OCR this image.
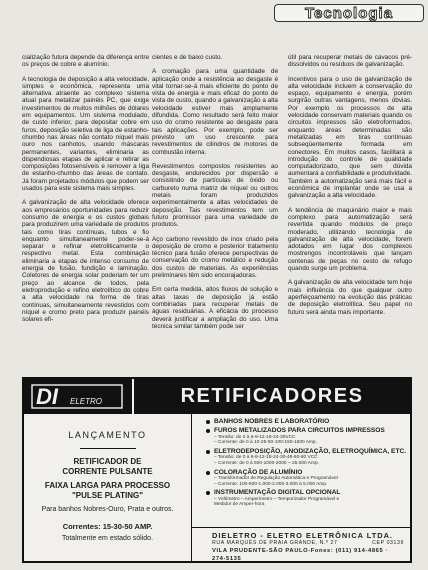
Tecnologia

cialização futura depende da diferença entre os preços de cobre e alumínio.

A tecnologia de deposição a alta velocidade, simples e econômica, representa uma alternativa atraente ao complexo sistema atual para metalizar painéis PC, que exige investimentos de muitos milhões de dólares em equipamentos. Um sistema modulado, de custo inferior, para depositar cobre em furos, deposição seletiva de liga de estanho-chumbo nas áreas não contato níquel mais ouro nos canhotos, usando máscaras permanentes, variantes, eliminaria as dispendiosas etapas de aplicar e retirar as composições fotosensíveis e remover a liga de estanho-chumbo das áreas de contato. Já foram projetados módulos que podem ser usados para este sistema mais simples.

A galvanização de alta velocidade oferece aos empresários oportunidades para reduzir consumo de energia e os custos globais para produzirem uma variedade de produtos tais como tiras contínuas, tubos e fio enquanto simultaneamente poder-se-á separar e refinar eletroliticamente o respectivo metal. Esta combinação eliminaria a etapas de intenso consumo de energia de fusão, fundição e laminação. Coletores de energia solar poderiam ter um preço ao alcance de todos, pela eletroprodução e refino eletrolítico do cobre a alta velocidade na forma de tiras contínuas, simultaneamente revestidos com níquel e cromo preto para produzir painéis solares efi-

cientes e de baixo custo.

A cromação para uma quantidade de aplicação onde a resistência ao desgaste é vital tornar-se-á mais eficiente do ponto de vista de energia e mais eficaz do ponto de vista de custo, quando a galvanização a alta velocidade estiver mais amplamente difundida. Como resultado será feito maior uso do cromo resistente ao desgaste para tais aplicações. Por exemplo, pode ser previsto um uso crescente para revestimentos de cilindros de motores de combustão interna.

Revestimentos compostos resistentes ao desgaste, endurecidos por dispersão e consistindo de partículas de óxido ou carbureto numa matriz de níquel ou outros metais foram produzidos experimentalmente a altas velocidades de deposição. Tais revestimentos tem um futuro promissor para uma variedade de produtos.

Aço carbono revestido de inox criado pela deposição de cromo e posterior tratamento técnico para fusão oferece perspectivas de conservação do cromo metálico e redução dos custos de materiais. As experiências preliminares têm sido encorajadoras.

Em certa medida, altos fluxos de solução e altas taxas de deposição já estão combinadas para recuperar metais de águas residuárias. A eficácia do processo deverá justificar a ampliação do uso. Uma técnica similar também pode ser

útil para recuperar metais de cavacos pré-dissolvidos ou resíduos de galvanização.

Incentivos para o uso de galvanização de alta velocidade incluem a conservação do espaço, equipamento e energia, porém surgirão outras vantagens, menos óbvias. Por exemplo os processos de alta velocidade conservam materiais quando os circuitos impressos são eletroformados, enquanto áreas determinadas são metalizadas em tiras contínuas subseqüentemente formada em conectores. Em muitos casos, facilitará a introdução do controle de qualidade computadorizado, que sem dúvida aumentará a confiabilidade e produtividade. Também a automatização será mais fácil e econômica de implantar onde se usa a galvanização a alta velocidade.

A tendência de maquinário maior e mais complexo para automatização será revertida quando módulos de preço moderado, utilizando tecnologia de galvanização de alta velocidade, forem adotados em lugar dos complexos mostrengos incontroláveis que lançam centenas de peças no cesto de refugo quando surge um problema.

A galvanização de alta velocidade tem hoje mais influência do que qualquer outro aperfeiçoamento na evolução das práticas de deposição eletrolítica. Seu papel no futuro será ainda mais importante.

DI ELETRO	RETIFICADORES
LANÇAMENTO
RETIFICADOR DE
CORRENTE PULSANTE
FAIXA LARGA PARA PROCESSO
"PULSE PLATING"
Para banhos Nobres-Ouro, Prata e outros.
Correntes: 15-30-50 AMP.
Totalmente em estado sólido.
BANHOS NOBRES E LABORATÓRIO
FUROS METALIZADOS PARA CIRCUITOS IMPRESSOS
– Tensão: de 0 à 6-9-12-18-24-30VCC
– Corrente: de 0 à 10-25-50-100-150-1500 Amp.
ELETRODEPOSIÇÃO, ANODIZAÇÃO, ELETROQUÍMICA, ETC.
– Tensão: de 0 à 6-9-12-18-24-30-48-60-80 VCC
– Corrente: de 0 à 500-1000-2000 ~ 25.000 Amp.
COLORAÇÃO DE ALUMÍNIO
– Transformador de Regulação Automática e Programável
– Corrente: 100-500-1.000-2.000-3.000 à 5.000 Amp.
INSTRUMENTAÇÃO DIGITAL OPCIONAL
– Voltímetro – Amperímetro – Temporizador Programável e
Medidor de Amper-hora
DIELETRO - ELETRO ELETRÔNICA LTDA.
RUA MARQUÊS DE PRAIA GRANDE, N.º 27	CEP 03139
VILA PRUDENTE-SÃO PAULO-Fones: (011) 914-4865 · 274-5135
